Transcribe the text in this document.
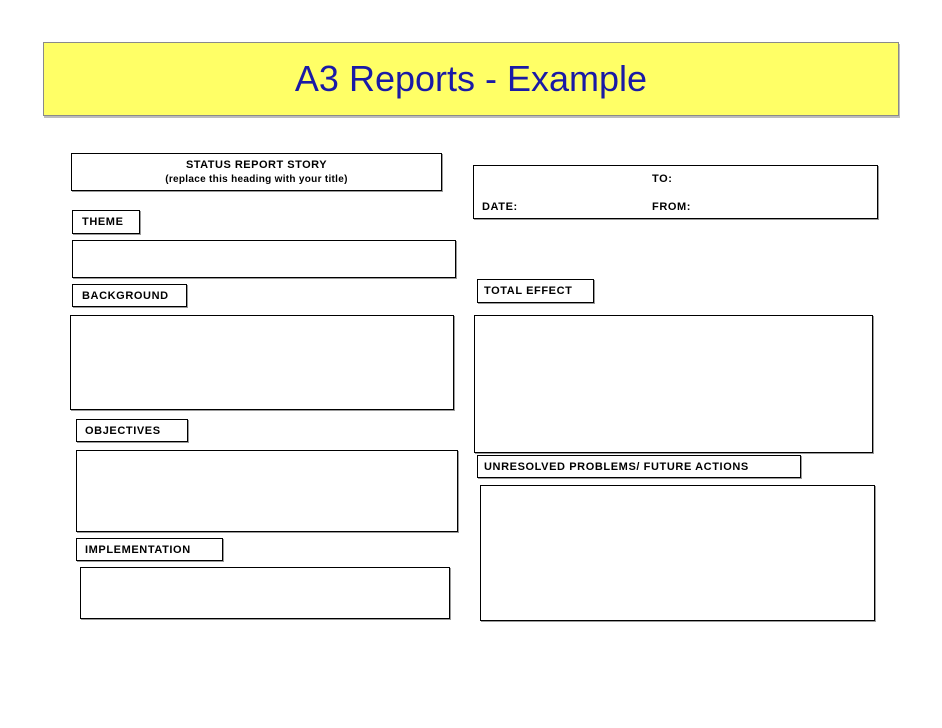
A3 Reports - Example
STATUS REPORT STORY
(replace this heading with your title)	TO:
DATE:	FROM:
THEME
BACKGROUND
OBJECTIVES
IMPLEMENTATION
TOTAL EFFECT
UNRESOLVED PROBLEMS/ FUTURE ACTIONS
